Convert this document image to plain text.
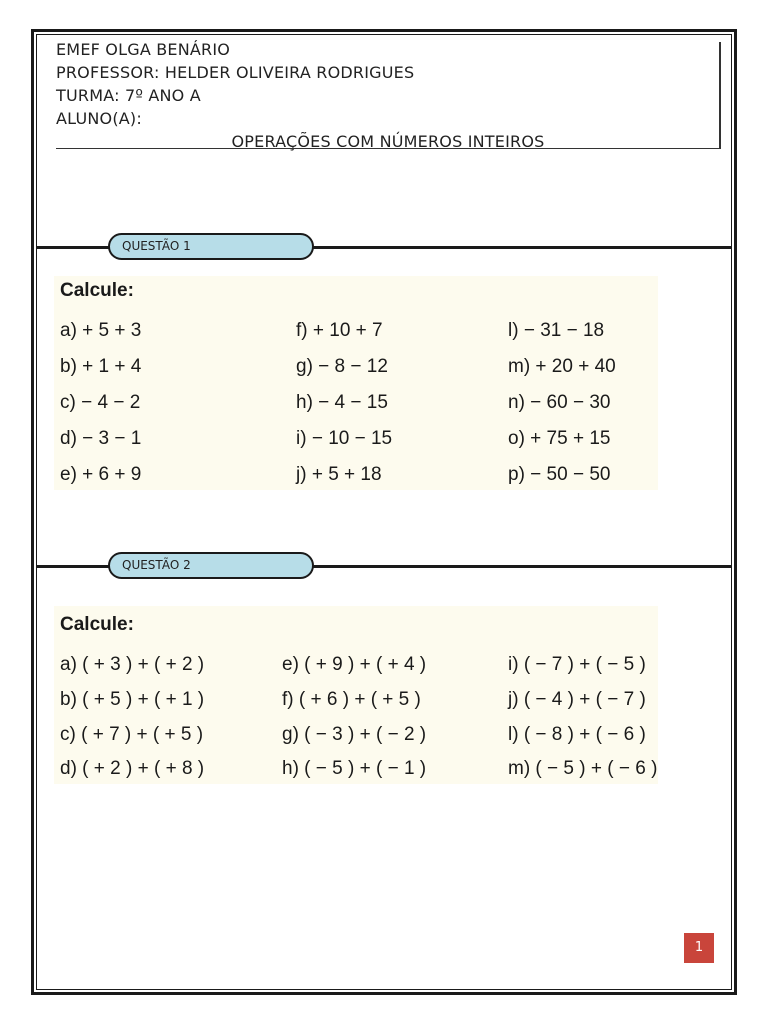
EMEF OLGA BENÁRIO
PROFESSOR: HELDER OLIVEIRA RODRIGUES
TURMA: 7º ANO A
ALUNO(A):
OPERAÇÕES COM NÚMEROS INTEIROS
QUESTÃO 1
Calcule:
a) + 5 + 3
b) + 1 + 4
c) − 4 − 2
d) − 3 − 1
e) + 6 + 9
f) + 10 + 7
g) − 8 − 12
h) − 4 − 15
i) − 10 − 15
j) + 5 + 18
l) − 31 − 18
m) + 20 + 40
n) − 60 − 30
o) + 75 + 15
p) − 50 − 50
QUESTÃO 2
Calcule:
a) ( + 3 ) + ( + 2 )
b) ( + 5 ) + ( + 1 )
c) ( + 7 ) + ( + 5 )
d) ( + 2 ) + ( + 8 )
e) ( + 9 ) + ( + 4 )
f) ( + 6 ) + ( + 5 )
g) ( − 3 ) + ( − 2 )
h) ( − 5 ) + ( − 1 )
i) ( − 7 ) + ( − 5 )
j) ( − 4 ) + ( − 7 )
l) ( − 8 ) + ( − 6 )
m) ( − 5 ) + ( − 6 )
1
